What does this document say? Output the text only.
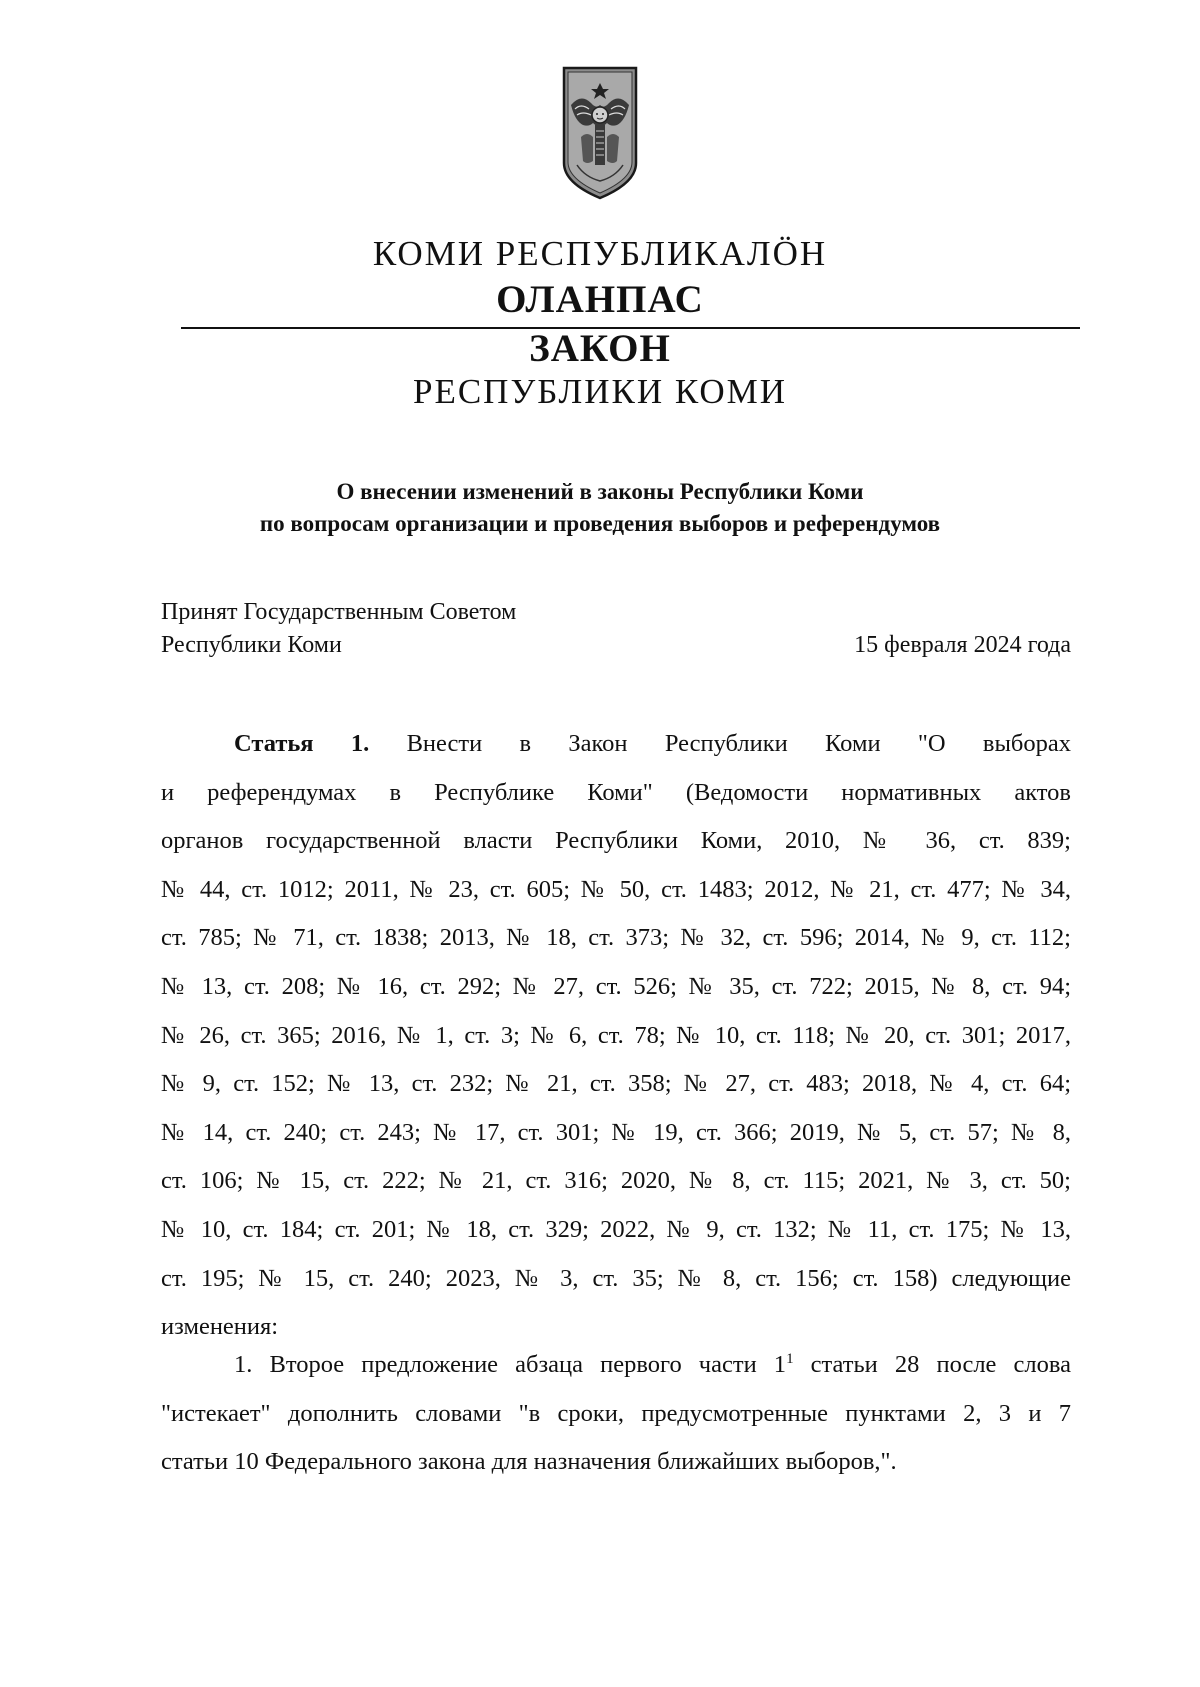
КОМИ РЕСПУБЛИКАЛӦН
ОЛАНПАС
ЗАКОН
РЕСПУБЛИКИ КОМИ
О внесении изменений в законы Республики Коми
по вопросам организации и проведения выборов и референдумов
Принят Государственным Советом
Республики Коми	15 февраля 2024 года
Статья 1. Внести в Закон Республики Коми "О выборах
и референдумах в Республике Коми" (Ведомости нормативных актов
органов государственной власти Республики Коми, 2010, № 36, ст. 839;
№ 44, ст. 1012; 2011, № 23, ст. 605; № 50, ст. 1483; 2012, № 21, ст. 477; № 34,
ст. 785; № 71, ст. 1838; 2013, № 18, ст. 373; № 32, ст. 596; 2014, № 9, ст. 112;
№ 13, ст. 208; № 16, ст. 292; № 27, ст. 526; № 35, ст. 722; 2015, № 8, ст. 94;
№ 26, ст. 365; 2016, № 1, ст. 3; № 6, ст. 78; № 10, ст. 118; № 20, ст. 301; 2017,
№ 9, ст. 152; № 13, ст. 232; № 21, ст. 358; № 27, ст. 483; 2018, № 4, ст. 64;
№ 14, ст. 240; ст. 243; № 17, ст. 301; № 19, ст. 366; 2019, № 5, ст. 57; № 8,
ст. 106; № 15, ст. 222; № 21, ст. 316; 2020, № 8, ст. 115; 2021, № 3, ст. 50;
№ 10, ст. 184; ст. 201; № 18, ст. 329; 2022, № 9, ст. 132; № 11, ст. 175; № 13,
ст. 195; № 15, ст. 240; 2023, № 3, ст. 35; № 8, ст. 156; ст. 158) следующие
изменения:
1. Второе предложение абзаца первого части $1^1$ статьи 28 после слова
"истекает" дополнить словами "в сроки, предусмотренные пунктами 2, 3 и 7
статьи 10 Федерального закона для назначения ближайших выборов,".
